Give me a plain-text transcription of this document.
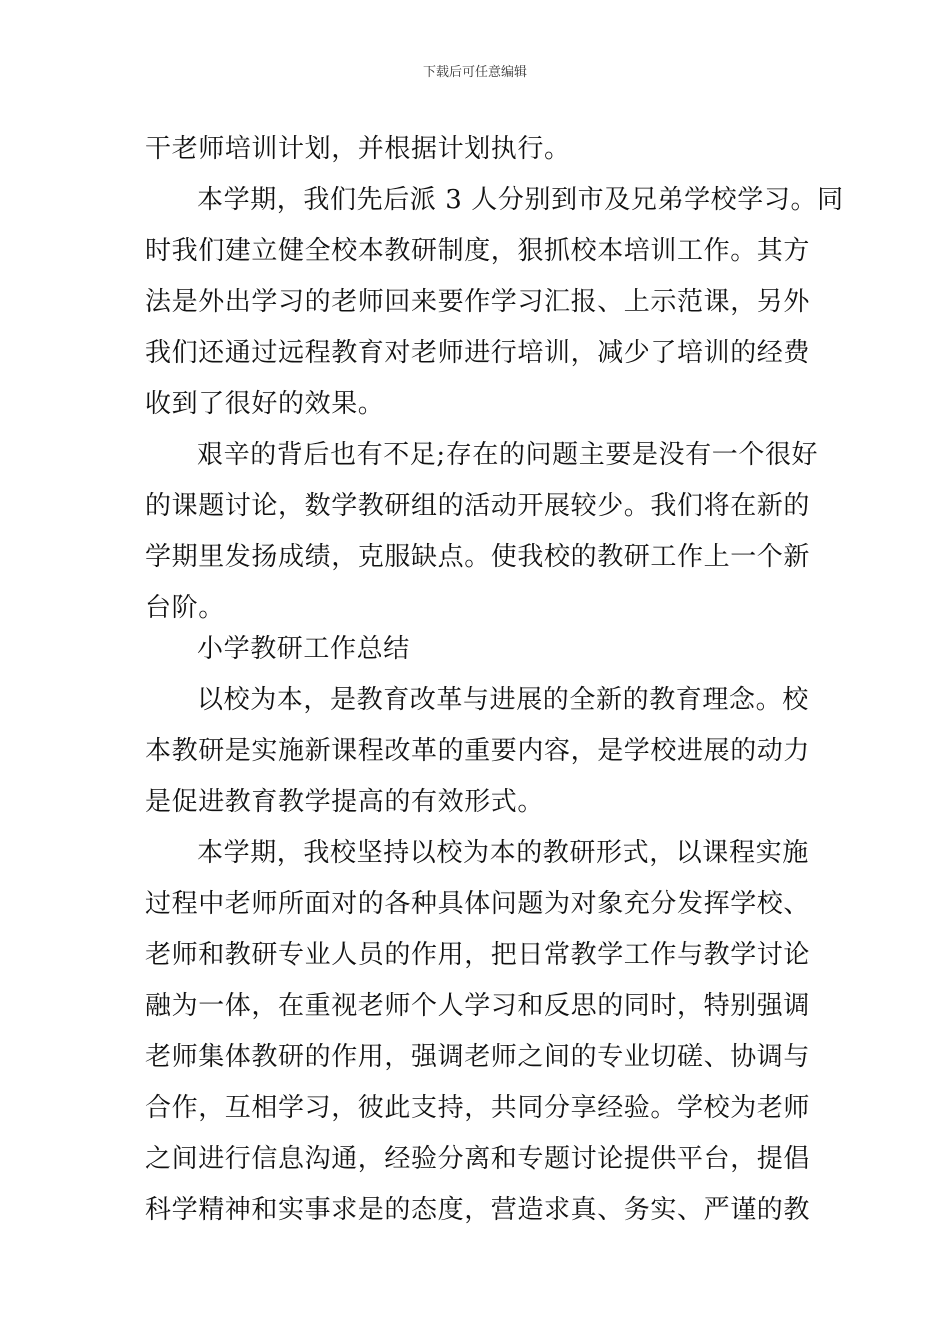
下载后可任意编辑
干老师培训计划，并根据计划执行。
本学期，我们先后派 3 人分别到市及兄弟学校学习。同
时我们建立健全校本教研制度，狠抓校本培训工作。其方
法是外出学习的老师回来要作学习汇报、上示范课，另外
我们还通过远程教育对老师进行培训，减少了培训的经费
收到了很好的效果。
艰辛的背后也有不足;存在的问题主要是没有一个很好
的课题讨论，数学教研组的活动开展较少。我们将在新的
学期里发扬成绩，克服缺点。使我校的教研工作上一个新
台阶。
小学教研工作总结
以校为本，是教育改革与进展的全新的教育理念。校
本教研是实施新课程改革的重要内容，是学校进展的动力
是促进教育教学提高的有效形式。
本学期，我校坚持以校为本的教研形式，以课程实施
过程中老师所面对的各种具体问题为对象充分发挥学校、
老师和教研专业人员的作用，把日常教学工作与教学讨论
融为一体，在重视老师个人学习和反思的同时，特别强调
老师集体教研的作用，强调老师之间的专业切磋、协调与
合作，互相学习，彼此支持，共同分享经验。学校为老师
之间进行信息沟通，经验分离和专题讨论提供平台，提倡
科学精神和实事求是的态度，营造求真、务实、严谨的教
